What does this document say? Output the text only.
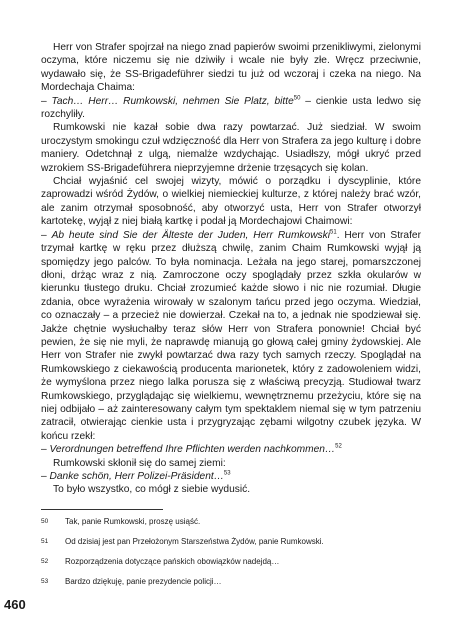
Herr von Strafer spojrzał na niego znad papierów swoimi przenikliwymi, zielonymi oczyma, które niczemu się nie dziwiły i wcale nie były złe. Wręcz przeciwnie, wydawało się, że SS-Brigadeführer siedzi tu już od wczoraj i czeka na niego. Na Mordechaja Chaima:

– Tach… Herr… Rumkowski, nehmen Sie Platz, bitte$^{50}$ – cienkie usta ledwo się rozchyliły.

Rumkowski nie kazał sobie dwa razy powtarzać. Już siedział. W swoim uroczystym smokingu czuł wdzięczność dla Herr von Strafera za jego kulturę i dobre maniery. Odetchnął z ulgą, niemalże wzdychając. Usiadłszy, mógł ukryć przed wzrokiem SS-Brigadeführera nieprzyjemne drżenie trzęsących się kolan.

Chciał wyjaśnić cel swojej wizyty, mówić o porządku i dyscyplinie, które zaprowadzi wśród Żydów, o wielkiej niemieckiej kulturze, z której należy brać wzór, ale zanim otrzymał sposobność, aby otworzyć usta, Herr von Strafer otworzył kartotekę, wyjął z niej białą kartkę i podał ją Mordechajowi Chaimowi:

– Ab heute sind Sie der Älteste der Juden, Herr Rumkowski$^{51}$. Herr von Strafer trzymał kartkę w ręku przez dłuższą chwilę, zanim Chaim Rumkowski wyjął ją spomiędzy jego palców. To była nominacja. Leżała na jego starej, pomarszczonej dłoni, drżąc wraz z nią. Zamroczone oczy spoglądały przez szkła okularów w kierunku tłustego druku. Chciał zrozumieć każde słowo i nic nie rozumiał. Długie zdania, obce wyrażenia wirowały w szalonym tańcu przed jego oczyma. Wiedział, co oznaczały – a przecież nie dowierzał. Czekał na to, a jednak nie spodziewał się. Jakże chętnie wysłuchałby teraz słów Herr von Strafera ponownie! Chciał być pewien, że się nie myli, że naprawdę mianują go głową całej gminy żydowskiej. Ale Herr von Strafer nie zwykł powtarzać dwa razy tych samych rzeczy. Spoglądał na Rumkowskiego z ciekawością producenta marionetek, który z zadowoleniem widzi, że wymyślona przez niego lalka porusza się z właściwą precyzją. Studiował twarz Rumkowskiego, przyglądając się wielkiemu, wewnętrznemu przeżyciu, które się na niej odbijało – aż zainteresowany całym tym spektaklem niemal się w tym patrzeniu zatracił, otwierając cienkie usta i przygryzając zębami wilgotny czubek języka. W końcu rzekł:

– Verordnungen betreffend Ihre Pflichten werden nachkommen…$^{52}$

Rumkowski skłonił się do samej ziemi:

– Danke schön, Herr Polizei-Präsident…$^{53}$

To było wszystko, co mógł z siebie wydusić.

50	Tak, panie Rumkowski, proszę usiąść.
51	Od dzisiaj jest pan Przełożonym Starszeństwa Żydów, panie Rumkowski.
52	Rozporządzenia dotyczące pańskich obowiązków nadejdą…
53	Bardzo dziękuję, panie prezydencie policji…
460
